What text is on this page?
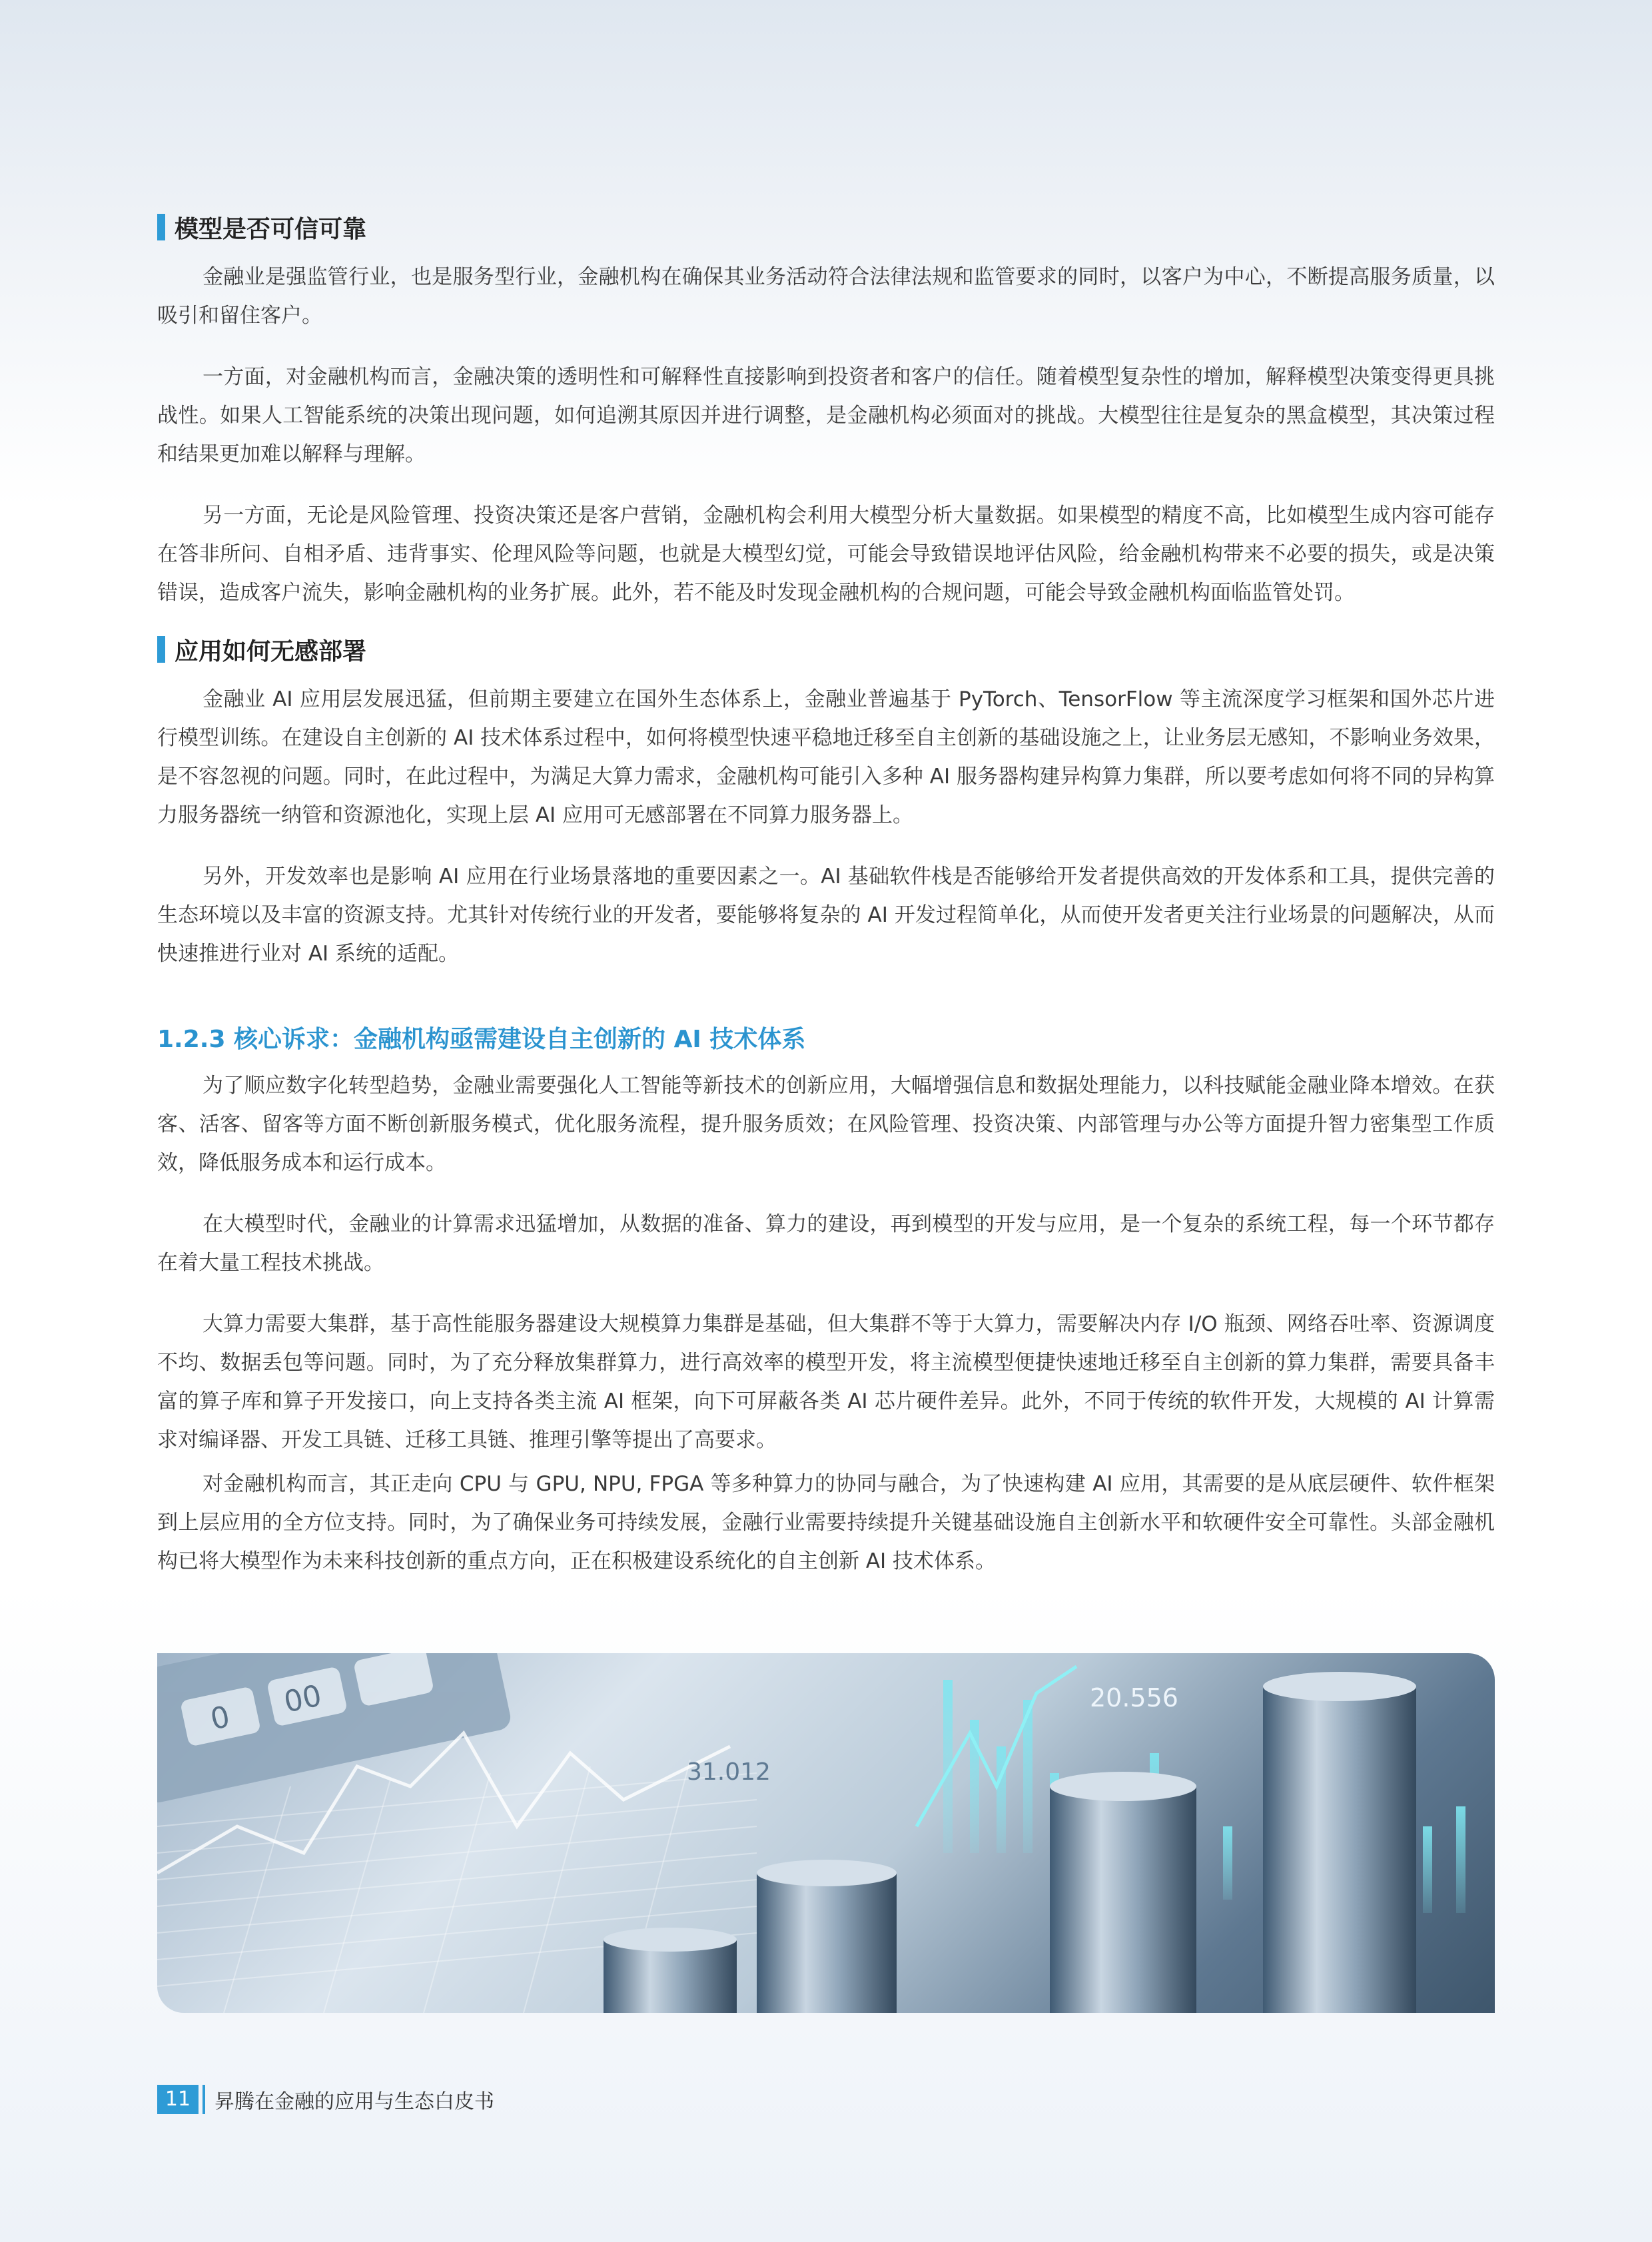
模型是否可信可靠

金融业是强监管行业，也是服务型行业，金融机构在确保其业务活动符合法律法规和监管要求的同时，以客户为中心，不断提高服务质量，以吸引和留住客户。

一方面，对金融机构而言，金融决策的透明性和可解释性直接影响到投资者和客户的信任。随着模型复杂性的增加，解释模型决策变得更具挑战性。如果人工智能系统的决策出现问题，如何追溯其原因并进行调整，是金融机构必须面对的挑战。大模型往往是复杂的黑盒模型，其决策过程和结果更加难以解释与理解。

另一方面，无论是风险管理、投资决策还是客户营销，金融机构会利用大模型分析大量数据。如果模型的精度不高，比如模型生成内容可能存在答非所问、自相矛盾、违背事实、伦理风险等问题，也就是大模型幻觉，可能会导致错误地评估风险，给金融机构带来不必要的损失，或是决策错误，造成客户流失，影响金融机构的业务扩展。此外，若不能及时发现金融机构的合规问题，可能会导致金融机构面临监管处罚。

应用如何无感部署

金融业 AI 应用层发展迅猛，但前期主要建立在国外生态体系上，金融业普遍基于 PyTorch、TensorFlow 等主流深度学习框架和国外芯片进行模型训练。在建设自主创新的 AI 技术体系过程中，如何将模型快速平稳地迁移至自主创新的基础设施之上，让业务层无感知，不影响业务效果，是不容忽视的问题。同时，在此过程中，为满足大算力需求，金融机构可能引入多种 AI 服务器构建异构算力集群，所以要考虑如何将不同的异构算力服务器统一纳管和资源池化，实现上层 AI 应用可无感部署在不同算力服务器上。

另外，开发效率也是影响 AI 应用在行业场景落地的重要因素之一。AI 基础软件栈是否能够给开发者提供高效的开发体系和工具，提供完善的生态环境以及丰富的资源支持。尤其针对传统行业的开发者，要能够将复杂的 AI 开发过程简单化，从而使开发者更关注行业场景的问题解决，从而快速推进行业对 AI 系统的适配。

1.2.3 核心诉求：金融机构亟需建设自主创新的 AI 技术体系

为了顺应数字化转型趋势，金融业需要强化人工智能等新技术的创新应用，大幅增强信息和数据处理能力，以科技赋能金融业降本增效。在获客、活客、留客等方面不断创新服务模式，优化服务流程，提升服务质效；在风险管理、投资决策、内部管理与办公等方面提升智力密集型工作质效，降低服务成本和运行成本。

在大模型时代，金融业的计算需求迅猛增加，从数据的准备、算力的建设，再到模型的开发与应用，是一个复杂的系统工程，每一个环节都存在着大量工程技术挑战。

大算力需要大集群，基于高性能服务器建设大规模算力集群是基础，但大集群不等于大算力，需要解决内存 I/O 瓶颈、网络吞吐率、资源调度不均、数据丢包等问题。同时，为了充分释放集群算力，进行高效率的模型开发，将主流模型便捷快速地迁移至自主创新的算力集群，需要具备丰富的算子库和算子开发接口，向上支持各类主流 AI 框架，向下可屏蔽各类 AI 芯片硬件差异。此外，不同于传统的软件开发，大规模的 AI 计算需求对编译器、开发工具链、迁移工具链、推理引擎等提出了高要求。

对金融机构而言，其正走向 CPU 与 GPU, NPU, FPGA 等多种算力的协同与融合，为了快速构建 AI 应用，其需要的是从底层硬件、软件框架到上层应用的全方位支持。同时，为了确保业务可持续发展，金融行业需要持续提升关键基础设施自主创新水平和软硬件安全可靠性。头部金融机构已将大模型作为未来科技创新的重点方向，正在积极建设系统化的自主创新 AI 技术体系。

0 00
31.012
20.556
11	昇腾在金融的应用与生态白皮书
